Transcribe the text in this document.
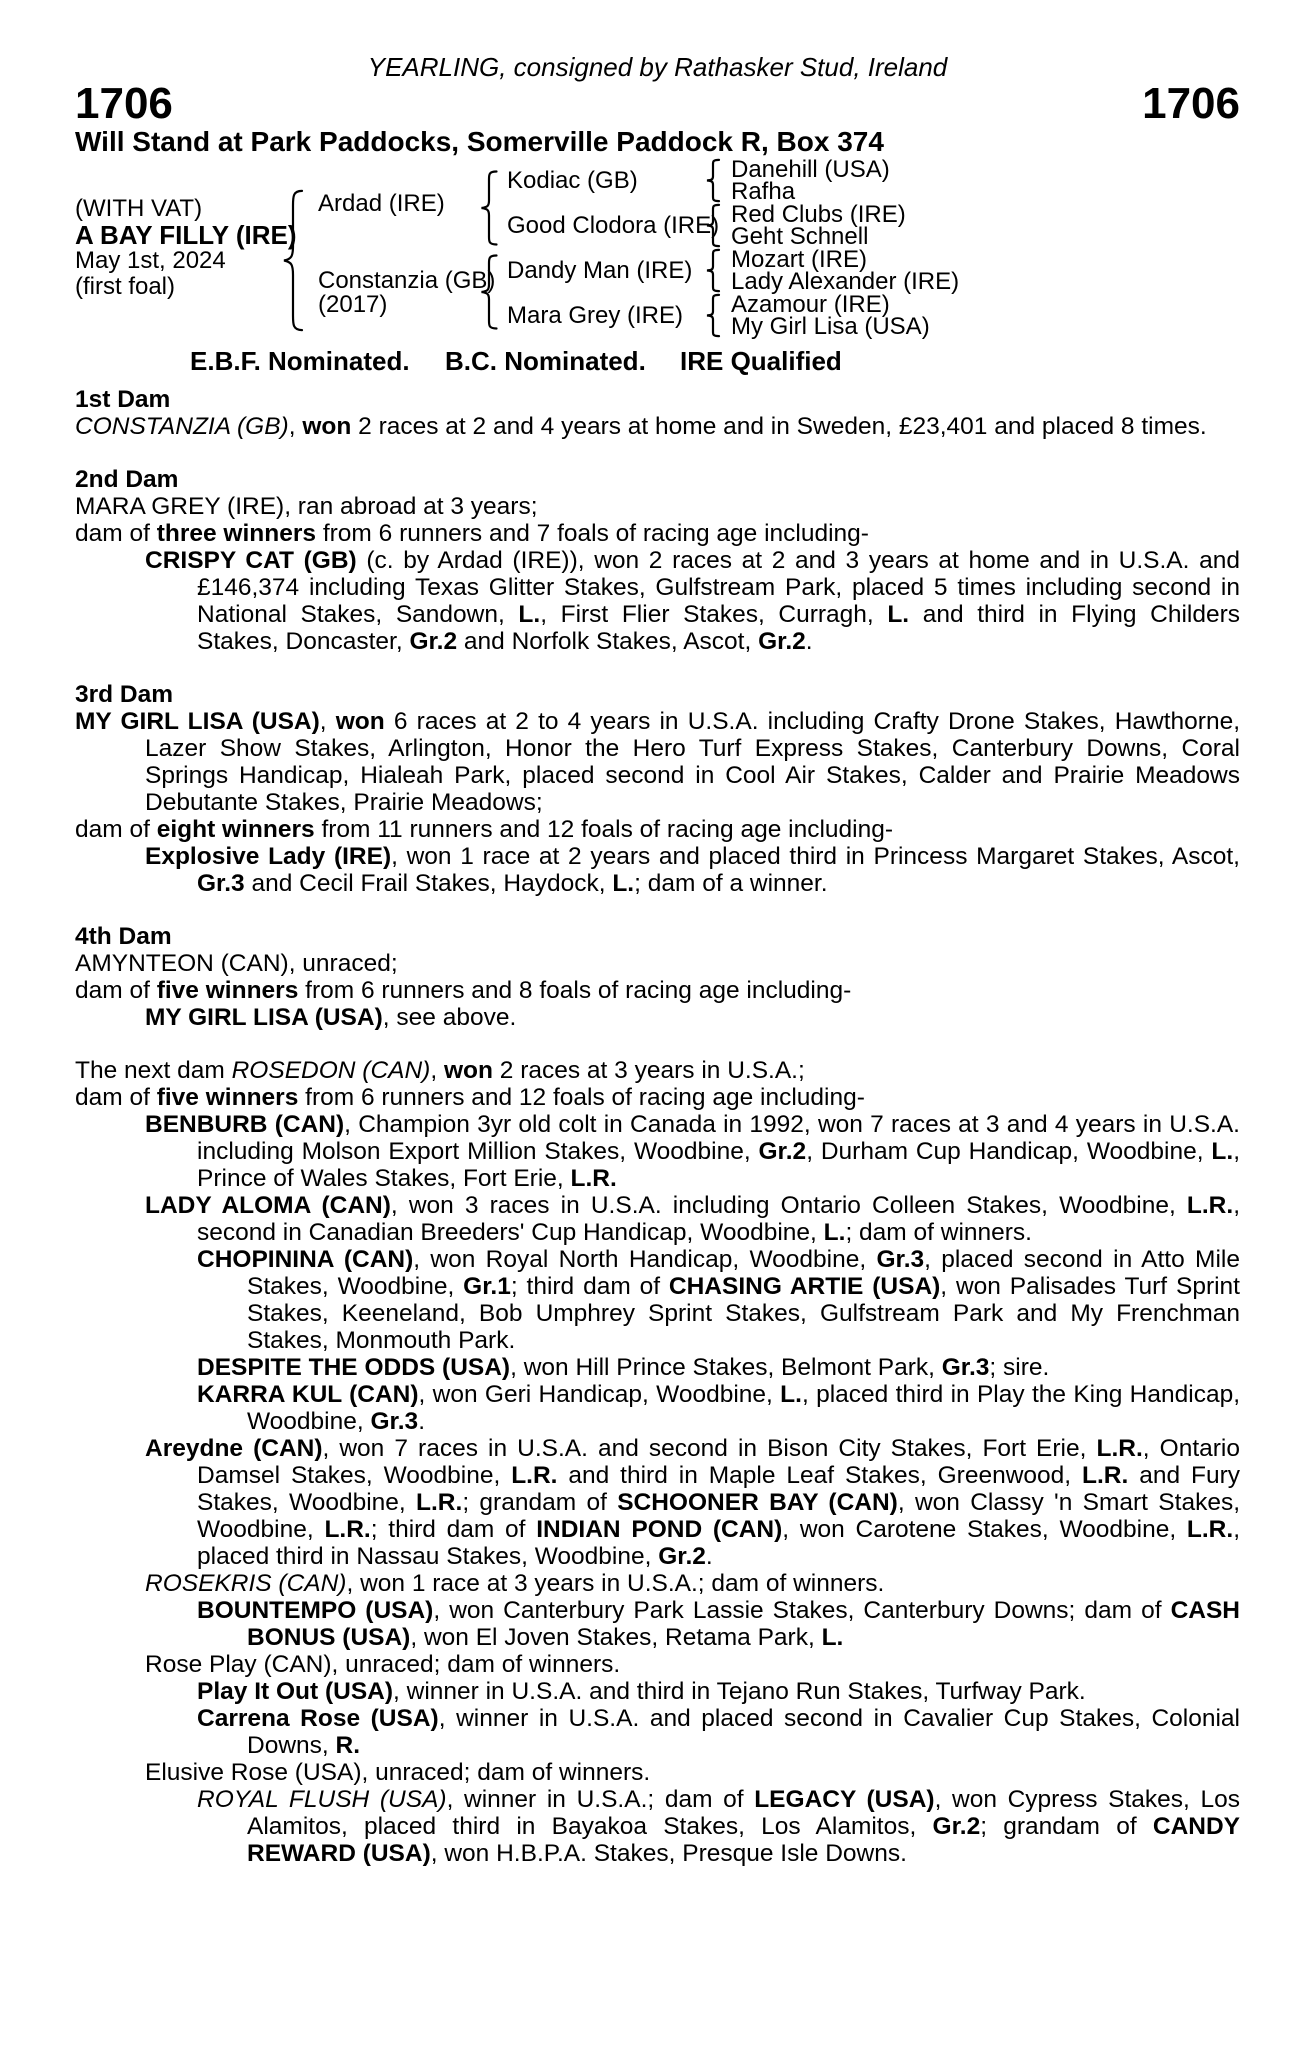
YEARLING, consigned by Rathasker Stud, Ireland
1706	1706
Will Stand at Park Paddocks, Somerville Paddock R, Box 374
(WITH VAT)
A BAY FILLY (IRE)
May 1st, 2024
(first foal)
Ardad (IRE)
Constanzia (GB)
(2017)
Kodiac (GB)
Good Clodora (IRE)
Dandy Man (IRE)
Mara Grey (IRE)
Danehill (USA)
Rafha
Red Clubs (IRE)
Geht Schnell
Mozart (IRE)
Lady Alexander (IRE)
Azamour (IRE)
My Girl Lisa (USA)
E.B.F. Nominated. B.C. Nominated. IRE Qualified
1st Dam
CONSTANZIA (GB), won 2 races at 2 and 4 years at home and in Sweden, £23,401 and placed 8 times.
2nd Dam
MARA GREY (IRE), ran abroad at 3 years;
dam of three winners from 6 runners and 7 foals of racing age including-
CRISPY CAT (GB) (c. by Ardad (IRE)), won 2 races at 2 and 3 years at home and in U.S.A. and £146,374 including Texas Glitter Stakes, Gulfstream Park, placed 5 times including second in National Stakes, Sandown, L., First Flier Stakes, Curragh, L. and third in Flying Childers Stakes, Doncaster, Gr.2 and Norfolk Stakes, Ascot, Gr.2.
3rd Dam
MY GIRL LISA (USA), won 6 races at 2 to 4 years in U.S.A. including Crafty Drone Stakes, Hawthorne, Lazer Show Stakes, Arlington, Honor the Hero Turf Express Stakes, Canterbury Downs, Coral Springs Handicap, Hialeah Park, placed second in Cool Air Stakes, Calder and Prairie Meadows Debutante Stakes, Prairie Meadows;
dam of eight winners from 11 runners and 12 foals of racing age including-
Explosive Lady (IRE), won 1 race at 2 years and placed third in Princess Margaret Stakes, Ascot, Gr.3 and Cecil Frail Stakes, Haydock, L.; dam of a winner.
4th Dam
AMYNTEON (CAN), unraced;
dam of five winners from 6 runners and 8 foals of racing age including-
MY GIRL LISA (USA), see above.
The next dam ROSEDON (CAN), won 2 races at 3 years in U.S.A.;
dam of five winners from 6 runners and 12 foals of racing age including-
BENBURB (CAN), Champion 3yr old colt in Canada in 1992, won 7 races at 3 and 4 years in U.S.A. including Molson Export Million Stakes, Woodbine, Gr.2, Durham Cup Handicap, Woodbine, L., Prince of Wales Stakes, Fort Erie, L.R.
LADY ALOMA (CAN), won 3 races in U.S.A. including Ontario Colleen Stakes, Woodbine, L.R., second in Canadian Breeders' Cup Handicap, Woodbine, L.; dam of winners.
CHOPININA (CAN), won Royal North Handicap, Woodbine, Gr.3, placed second in Atto Mile Stakes, Woodbine, Gr.1; third dam of CHASING ARTIE (USA), won Palisades Turf Sprint Stakes, Keeneland, Bob Umphrey Sprint Stakes, Gulfstream Park and My Frenchman Stakes, Monmouth Park.
DESPITE THE ODDS (USA), won Hill Prince Stakes, Belmont Park, Gr.3; sire.
KARRA KUL (CAN), won Geri Handicap, Woodbine, L., placed third in Play the King Handicap, Woodbine, Gr.3.
Areydne (CAN), won 7 races in U.S.A. and second in Bison City Stakes, Fort Erie, L.R., Ontario Damsel Stakes, Woodbine, L.R. and third in Maple Leaf Stakes, Greenwood, L.R. and Fury Stakes, Woodbine, L.R.; grandam of SCHOONER BAY (CAN), won Classy 'n Smart Stakes, Woodbine, L.R.; third dam of INDIAN POND (CAN), won Carotene Stakes, Woodbine, L.R., placed third in Nassau Stakes, Woodbine, Gr.2.
ROSEKRIS (CAN), won 1 race at 3 years in U.S.A.; dam of winners.
BOUNTEMPO (USA), won Canterbury Park Lassie Stakes, Canterbury Downs; dam of CASH BONUS (USA), won El Joven Stakes, Retama Park, L.
Rose Play (CAN), unraced; dam of winners.
Play It Out (USA), winner in U.S.A. and third in Tejano Run Stakes, Turfway Park.
Carrena Rose (USA), winner in U.S.A. and placed second in Cavalier Cup Stakes, Colonial Downs, R.
Elusive Rose (USA), unraced; dam of winners.
ROYAL FLUSH (USA), winner in U.S.A.; dam of LEGACY (USA), won Cypress Stakes, Los Alamitos, placed third in Bayakoa Stakes, Los Alamitos, Gr.2; grandam of CANDY REWARD (USA), won H.B.P.A. Stakes, Presque Isle Downs.
